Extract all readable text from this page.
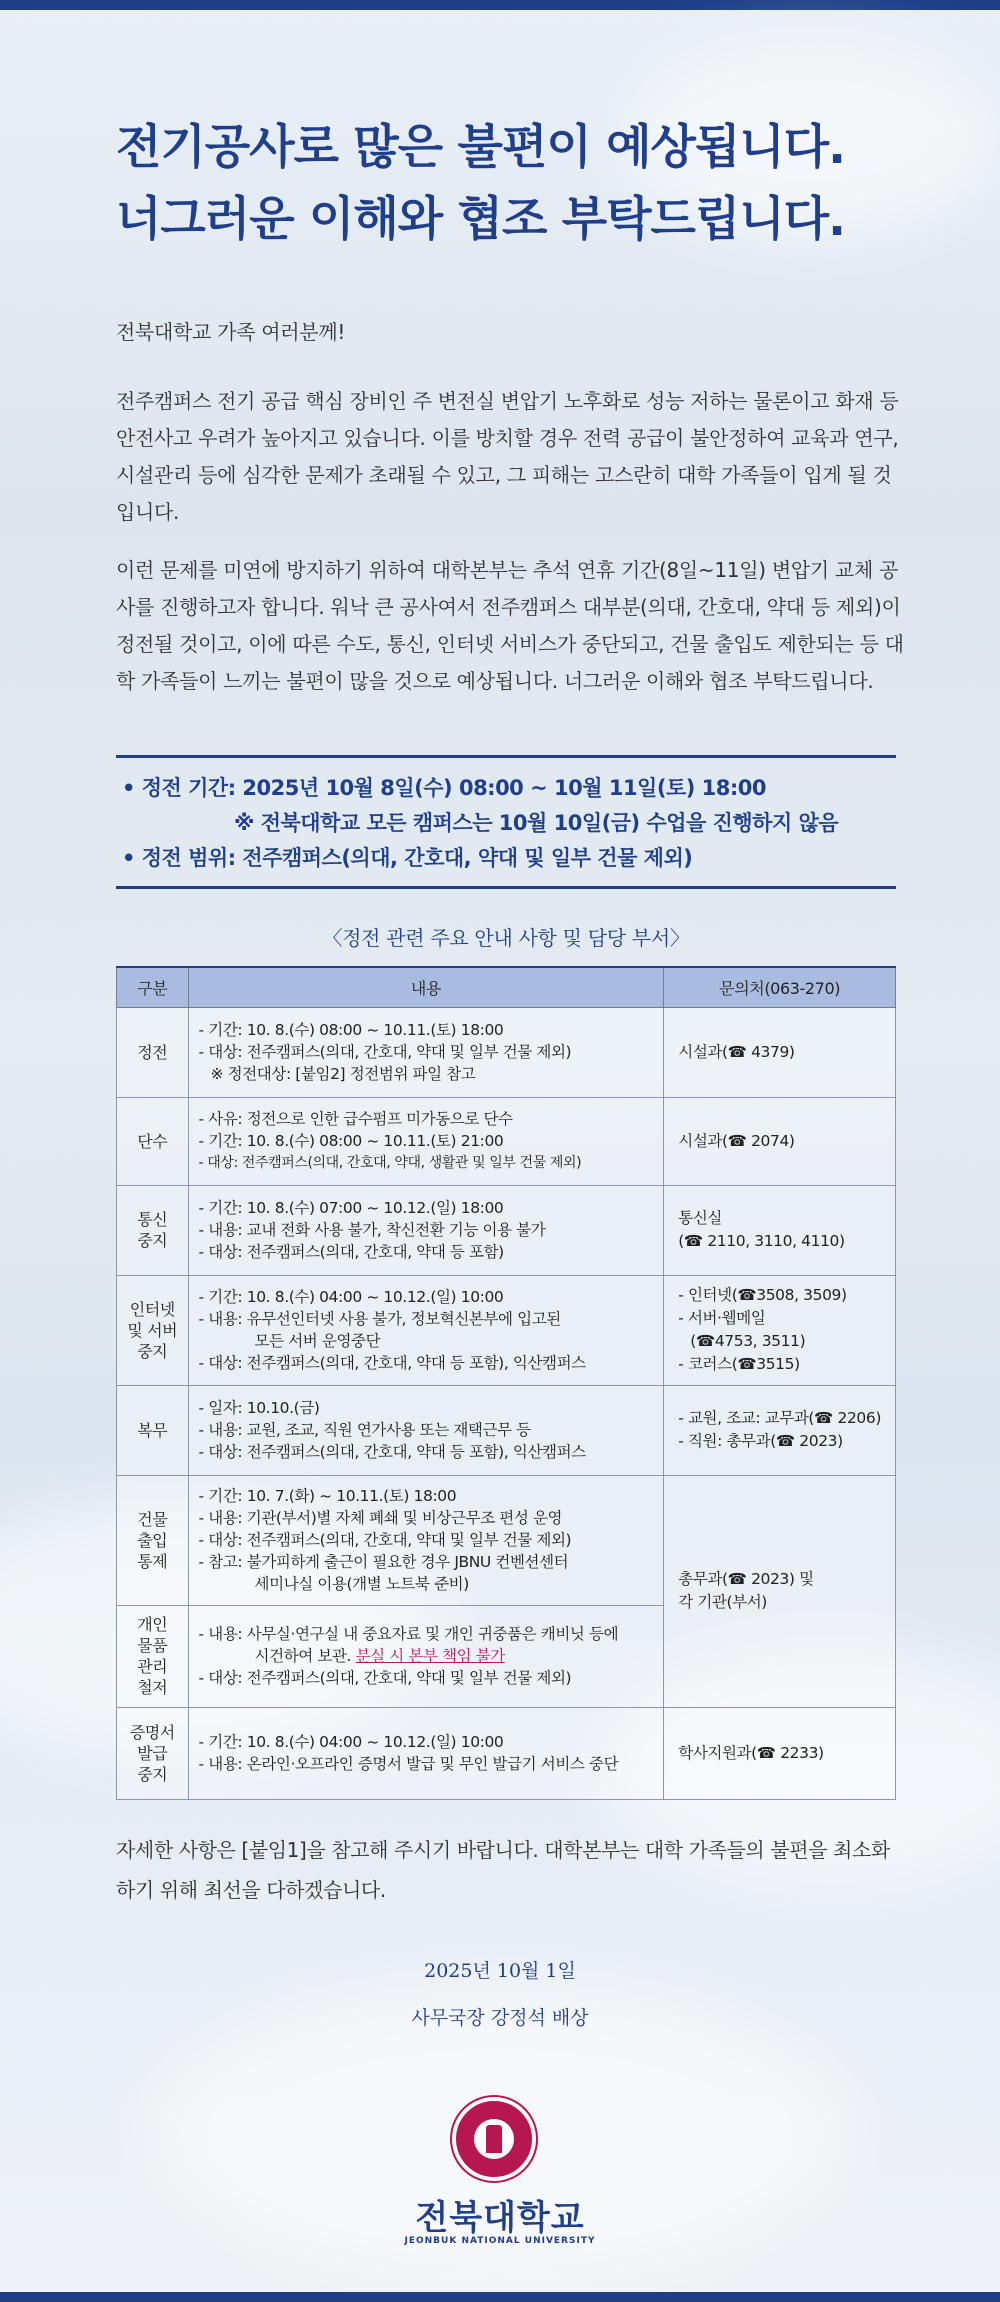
전기공사로 많은 불편이 예상됩니다.
너그러운 이해와 협조 부탁드립니다.
전북대학교 가족 여러분께!
전주캠퍼스 전기 공급 핵심 장비인 주 변전실 변압기 노후화로 성능 저하는 물론이고 화재 등 안전사고 우려가 높아지고 있습니다. 이를 방치할 경우 전력 공급이 불안정하여 교육과 연구, 시설관리 등에 심각한 문제가 초래될 수 있고, 그 피해는 고스란히 대학 가족들이 입게 될 것입니다.
이런 문제를 미연에 방지하기 위하여 대학본부는 추석 연휴 기간(8일~11일) 변압기 교체 공사를 진행하고자 합니다. 워낙 큰 공사여서 전주캠퍼스 대부분(의대, 간호대, 약대 등 제외)이 정전될 것이고, 이에 따른 수도, 통신, 인터넷 서비스가 중단되고, 건물 출입도 제한되는 등 대학 가족들이 느끼는 불편이 많을 것으로 예상됩니다. 너그러운 이해와 협조 부탁드립니다.
• 정전 기간: 2025년 10월 8일(수) 08:00 ~ 10월 11일(토) 18:00
※ 전북대학교 모든 캠퍼스는 10월 10일(금) 수업을 진행하지 않음
• 정전 범위: 전주캠퍼스(의대, 간호대, 약대 및 일부 건물 제외)
〈정전 관련 주요 안내 사항 및 담당 부서〉
구분	내용	문의처(063-270)

정전	- 기간: 10. 8.(수) 08:00 ~ 10.11.(토) 18:00
- 대상: 전주캠퍼스(의대, 간호대, 약대 및 일부 건물 제외)
※ 정전대상: [붙임2] 정전범위 파일 참고	시설과(☎ 4379)

단수	- 사유: 정전으로 인한 급수펌프 미가동으로 단수
- 기간: 10. 8.(수) 08:00 ~ 10.11.(토) 21:00
- 대상: 전주캠퍼스(의대, 간호대, 약대, 생활관 및 일부 건물 제외)	시설과(☎ 2074)

통신
중지	- 기간: 10. 8.(수) 07:00 ~ 10.12.(일) 18:00
- 내용: 교내 전화 사용 불가, 착신전환 기능 이용 불가
- 대상: 전주캠퍼스(의대, 간호대, 약대 등 포함)	통신실
(☎ 2110, 3110, 4110)

인터넷
및 서버
중지	- 기간: 10. 8.(수) 04:00 ~ 10.12.(일) 10:00
- 내용: 유무선인터넷 사용 불가, 정보혁신본부에 입고된
모든 서버 운영중단
- 대상: 전주캠퍼스(의대, 간호대, 약대 등 포함), 익산캠퍼스	- 인터넷(☎3508, 3509)
- 서버·웹메일
(☎4753, 3511)
- 코러스(☎3515)

복무	- 일자: 10.10.(금)
- 내용: 교원, 조교, 직원 연가사용 또는 재택근무 등
- 대상: 전주캠퍼스(의대, 간호대, 약대 등 포함), 익산캠퍼스	- 교원, 조교: 교무과(☎ 2206)
- 직원: 총무과(☎ 2023)

건물
출입
통제	- 기간: 10. 7.(화) ~ 10.11.(토) 18:00
- 내용: 기관(부서)별 자체 폐쇄 및 비상근무조 편성 운영
- 대상: 전주캠퍼스(의대, 간호대, 약대 및 일부 건물 제외)
- 참고: 불가피하게 출근이 필요한 경우 JBNU 컨벤션센터
세미나실 이용(개별 노트북 준비)	총무과(☎ 2023) 및
각 기관(부서)

개인
물품
관리
철저	- 내용: 사무실·연구실 내 중요자료 및 개인 귀중품은 캐비닛 등에
시건하여 보관. 분실 시 본부 책임 불가
- 대상: 전주캠퍼스(의대, 간호대, 약대 및 일부 건물 제외)	

증명서
발급
중지	- 기간: 10. 8.(수) 04:00 ~ 10.12.(일) 10:00
- 내용: 온라인·오프라인 증명서 발급 및 무인 발급기 서비스 중단	학사지원과(☎ 2233)
자세한 사항은 [붙임1]을 참고해 주시기 바랍니다. 대학본부는 대학 가족들의 불편을 최소화하기 위해 최선을 다하겠습니다.
2025년 10월 1일
사무국장 강정석 배상
전북대학교
JEONBUK NATIONAL UNIVERSITY
